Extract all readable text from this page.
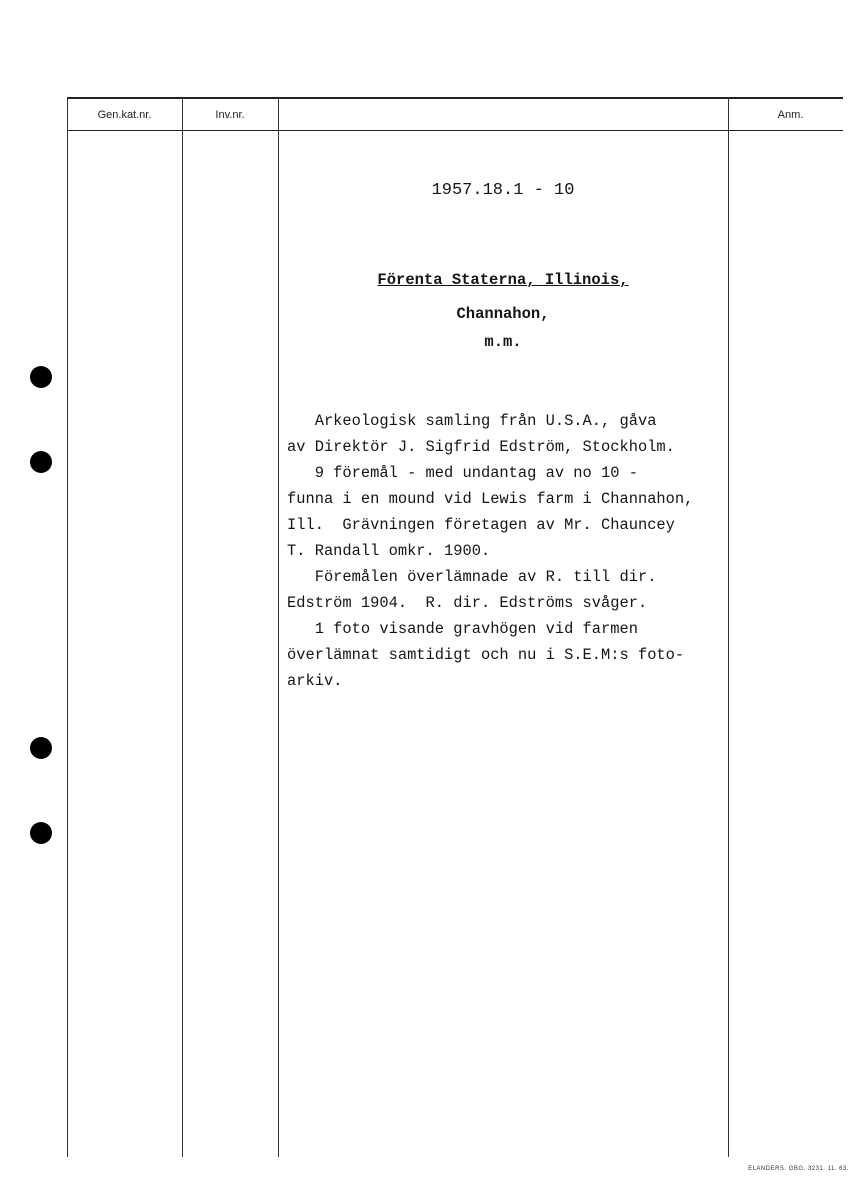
Gen.kat.nr.	Inv.nr.	Anm.
1957.18.1 - 10
Förenta Staterna, Illinois,
Channahon,
m.m.
Arkeologisk samling från U.S.A., gåva
av Direktör J. Sigfrid Edström, Stockholm.
9 föremål - med undantag av no 10 -
funna i en mound vid Lewis farm i Channahon,
Ill.  Grävningen företagen av Mr. Chauncey
T. Randall omkr. 1900.
Föremålen överlämnade av R. till dir.
Edström 1904.  R. dir. Edströms svåger.
1 foto visande gravhögen vid farmen
överlämnat samtidigt och nu i S.E.M:s foto-
arkiv.
ELANDERS. GBG. 3231. 11. 63.
